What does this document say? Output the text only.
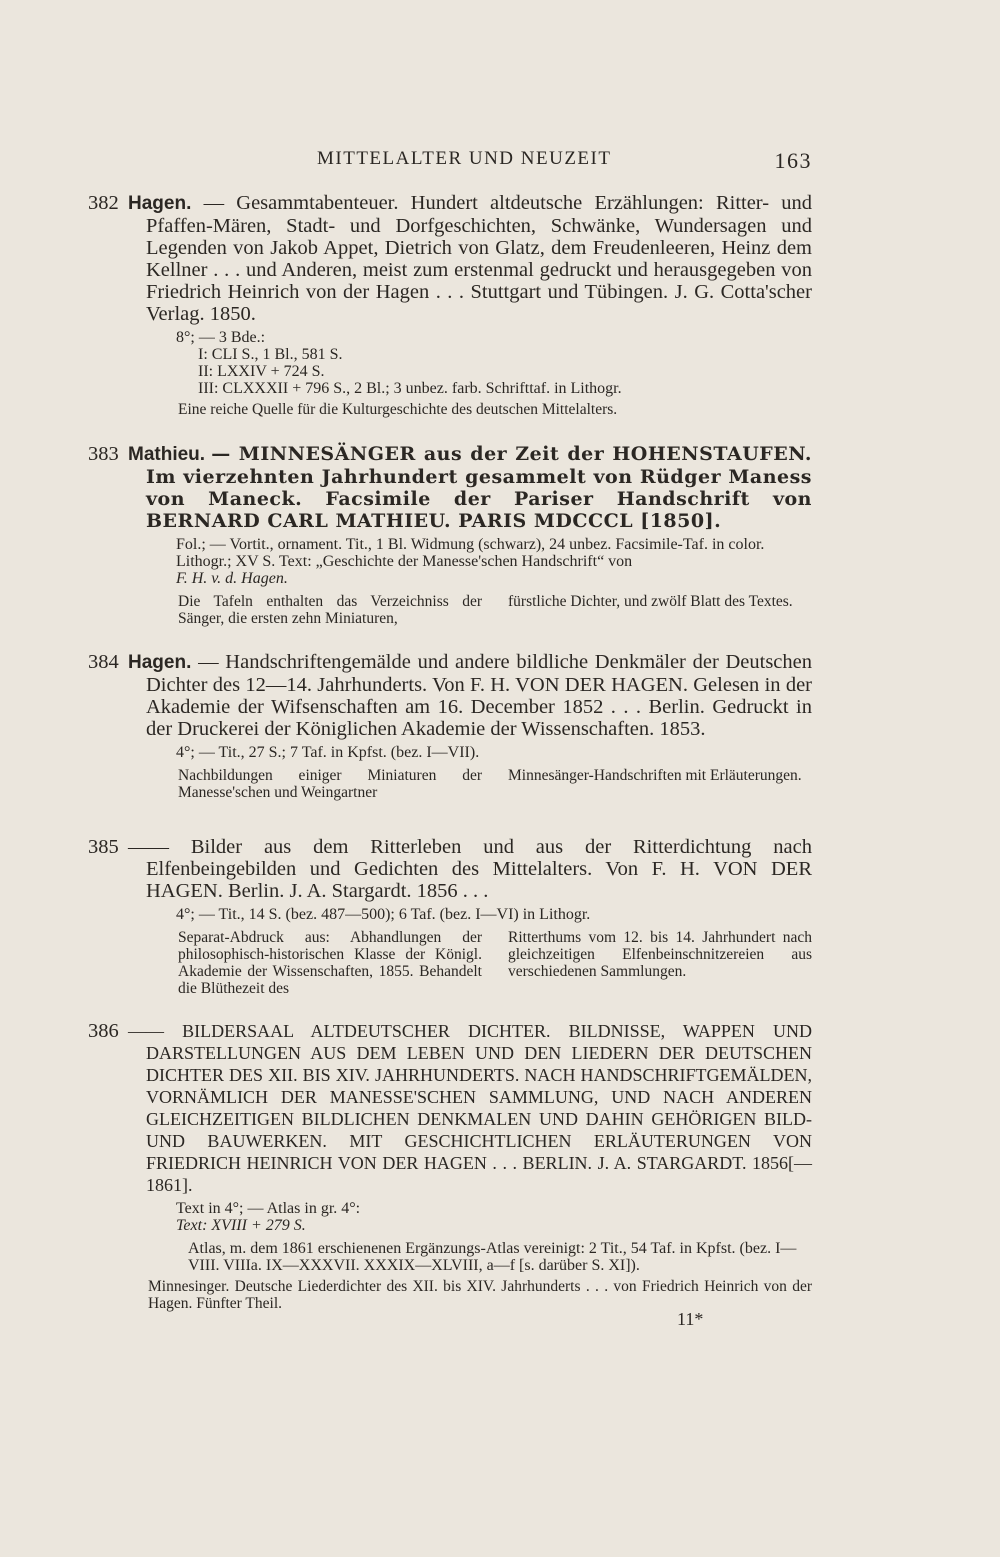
MITTELALTER UND NEUZEIT	163
382 Hagen. — Gesammtabenteuer. Hundert altdeutsche Erzählungen: Ritter- und Pfaffen-Mären, Stadt- und Dorfgeschichten, Schwänke, Wundersagen und Legenden von Jakob Appet, Dietrich von Glatz, dem Freudenleeren, Heinz dem Kellner . . . und Anderen, meist zum erstenmal gedruckt und herausgegeben von Friedrich Heinrich von der Hagen . . . Stuttgart und Tübingen. J. G. Cotta'scher Verlag. 1850.
8°; — 3 Bde.:
I: CLI S., 1 Bl., 581 S.
II: LXXIV + 724 S.
III: CLXXXII + 796 S., 2 Bl.; 3 unbez. farb. Schrifttaf. in Lithogr.
Eine reiche Quelle für die Kulturgeschichte des deutschen Mittelalters.
383 Mathieu. — MINNESÄNGER aus der Zeit der HOHENSTAUFEN. Im vierzehnten Jahrhundert gesammelt von Rüdger Maness von Maneck. Facsimile der Pariser Handschrift von BERNARD CARL MATHIEU. PARIS MDCCCL [1850].
Fol.; — Vortit., ornament. Tit., 1 Bl. Widmung (schwarz), 24 unbez. Facsimile-Taf. in color. Lithogr.; XV S. Text: „Geschichte der Manesse'schen Handschrift“ von
F. H. v. d. Hagen.
Die Tafeln enthalten das Verzeichniss der Sänger, die ersten zehn Miniaturen,
fürstliche Dichter, und zwölf Blatt des Textes.
384 Hagen. — Handschriftengemälde und andere bildliche Denkmäler der Deutschen Dichter des 12—14. Jahrhunderts. Von F. H. VON DER HAGEN. Gelesen in der Akademie der Wifsenschaften am 16. December 1852 . . . Berlin. Gedruckt in der Druckerei der Königlichen Akademie der Wissenschaften. 1853.
4°; — Tit., 27 S.; 7 Taf. in Kpfst. (bez. I—VII).
Nachbildungen einiger Miniaturen der Manesse'schen und Weingartner
Minnesänger-Handschriften mit Erläuterungen.
385 —— Bilder aus dem Ritterleben und aus der Ritterdichtung nach Elfenbeingebilden und Gedichten des Mittelalters. Von F. H. VON DER HAGEN. Berlin. J. A. Stargardt. 1856 . . .
4°; — Tit., 14 S. (bez. 487—500); 6 Taf. (bez. I—VI) in Lithogr.
Separat-Abdruck aus: Abhandlungen der philosophisch-historischen Klasse der Königl. Akademie der Wissenschaften, 1855. Behandelt die Blüthezeit des
Ritterthums vom 12. bis 14. Jahrhundert nach gleichzeitigen Elfenbeinschnitzereien aus verschiedenen Sammlungen.
386 —— BILDERSAAL ALTDEUTSCHER DICHTER. BILDNISSE, WAPPEN UND DARSTELLUNGEN AUS DEM LEBEN UND DEN LIEDERN DER DEUTSCHEN DICHTER DES XII. BIS XIV. JAHRHUNDERTS. NACH HANDSCHRIFTGEMÄLDEN, VORNÄMLICH DER MANESSE'SCHEN SAMMLUNG, UND NACH ANDEREN GLEICHZEITIGEN BILDLICHEN DENKMALEN UND DAHIN GEHÖRIGEN BILD- UND BAUWERKEN. MIT GESCHICHTLICHEN ERLÄUTERUNGEN VON FRIEDRICH HEINRICH VON DER HAGEN . . . BERLIN. J. A. STARGARDT. 1856[—1861].
Text in 4°; — Atlas in gr. 4°:
Text: XVIII + 279 S.
Atlas, m. dem 1861 erschienenen Ergänzungs-Atlas vereinigt: 2 Tit., 54 Taf. in Kpfst. (bez. I—VIII. VIIIa. IX—XXXVII. XXXIX—XLVIII, a—f [s. darüber S. XI]).
Minnesinger. Deutsche Liederdichter des XII. bis XIV. Jahrhunderts . . . von Friedrich Heinrich von der Hagen. Fünfter Theil.
11*
